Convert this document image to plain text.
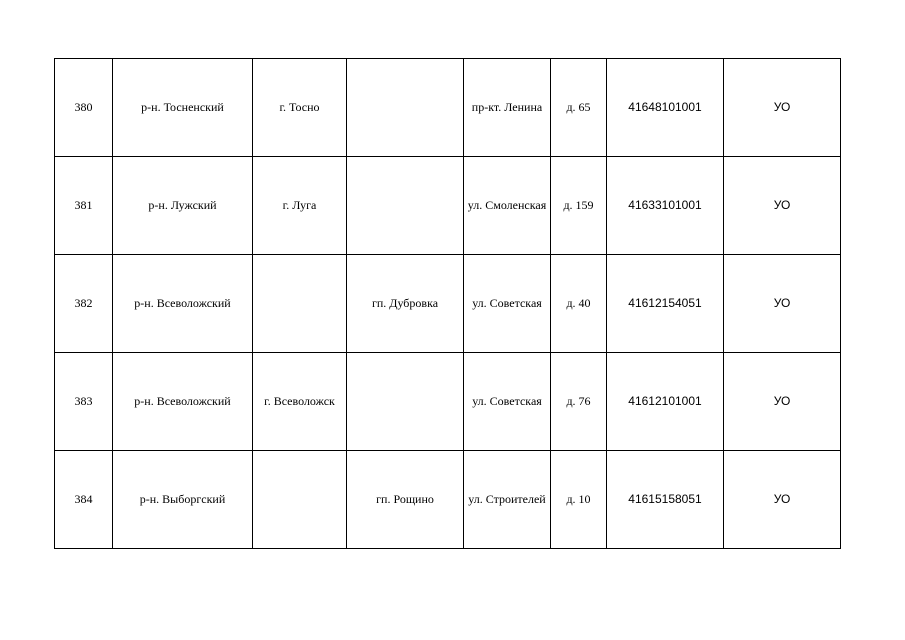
380	р-н. Тосненский	г. Тосно		пр-кт. Ленина	д. 65	41648101001	УО
381	р-н. Лужский	г. Луга		ул. Смоленская	д. 159	41633101001	УО
382	р-н. Всеволожский		гп. Дубровка	ул. Советская	д. 40	41612154051	УО
383	р-н. Всеволожский	г. Всеволожск		ул. Советская	д. 76	41612101001	УО
384	р-н. Выборгский		гп. Рощино	ул. Строителей	д. 10	41615158051	УО
